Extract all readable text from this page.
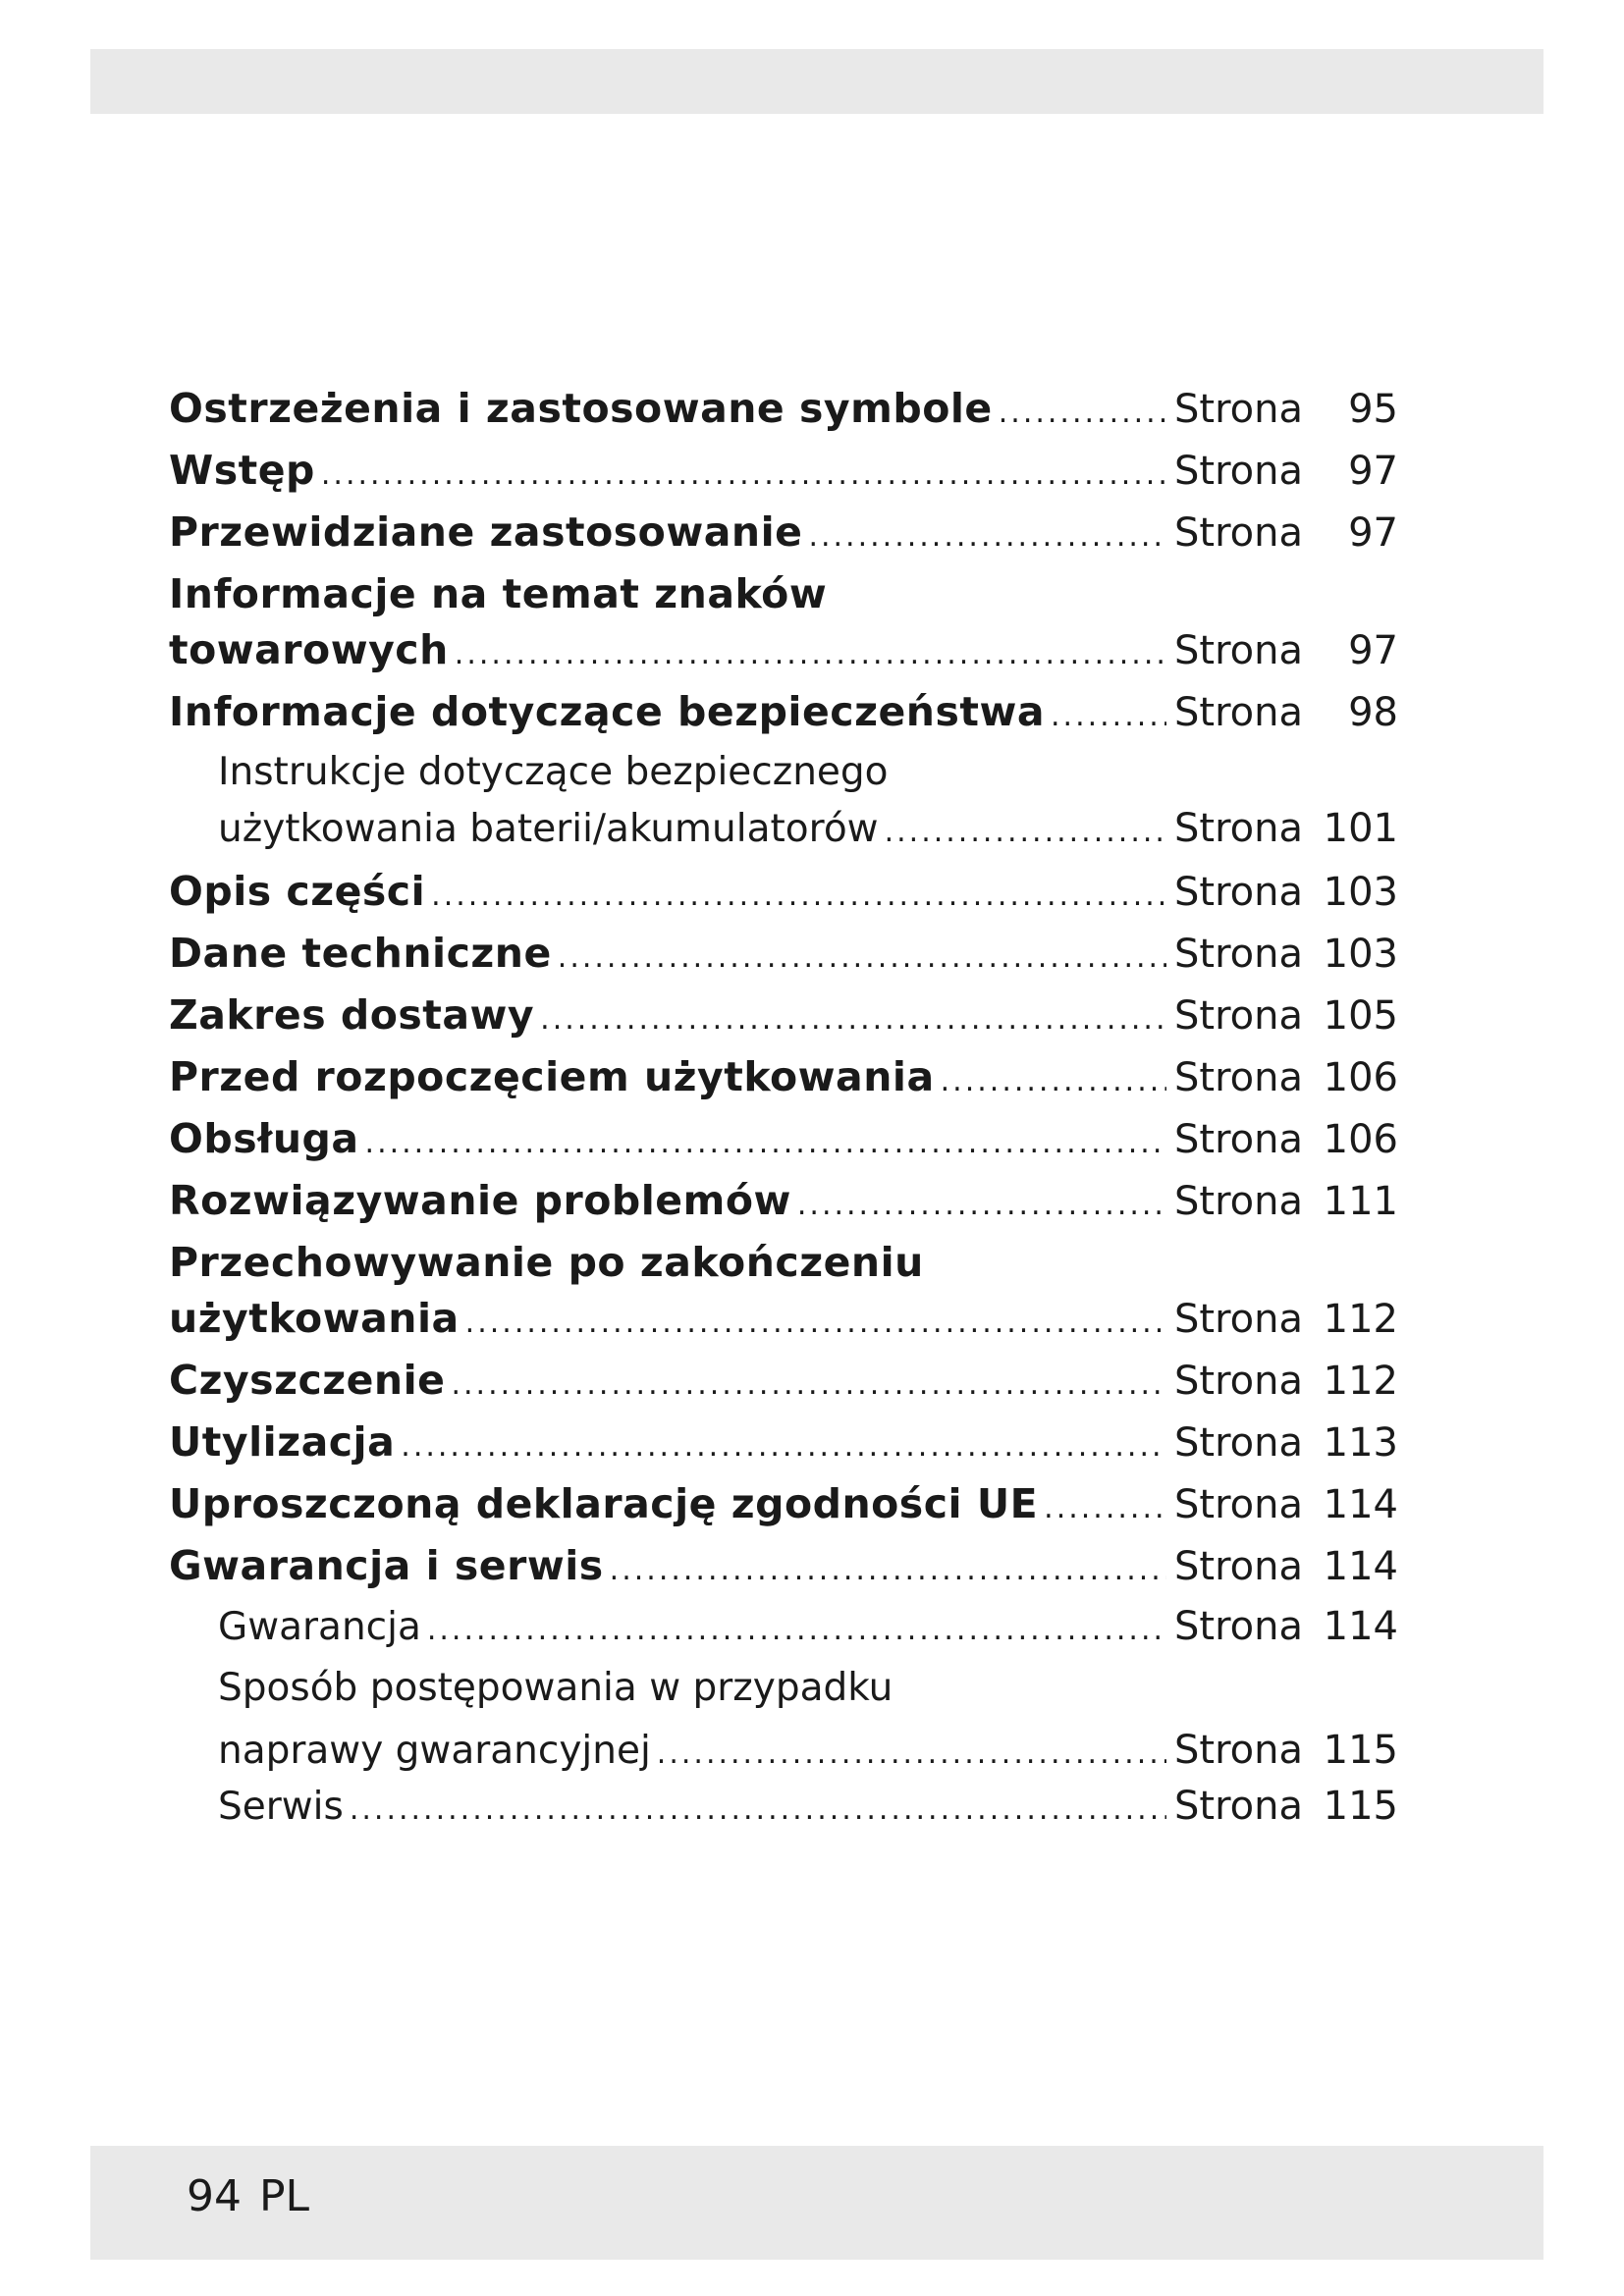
Ostrzeżenia i zastosowane symbole .....	Strona	95
Wstęp .....	Strona	97
Przewidziane zastosowanie .....	Strona	97
Informacje na temat znaków
towarowych .....	Strona	97
Informacje dotyczące bezpieczeństwa .....	Strona	98
Instrukcje dotyczące bezpiecznego
użytkowania baterii/akumulatorów .....	Strona 101
Opis części .....	Strona 103
Dane techniczne .....	Strona 103
Zakres dostawy .....	Strona 105
Przed rozpoczęciem użytkowania .....	Strona 106
Obsługa .....	Strona 106
Rozwiązywanie problemów .....	Strona 111
Przechowywanie po zakończeniu
użytkowania .....	Strona 112
Czyszczenie .....	Strona 112
Utylizacja .....	Strona 113
Uproszczoną deklarację zgodności UE .....	Strona 114
Gwarancja i serwis .....	Strona 114
Gwarancja .....	Strona 114
Sposób postępowania w przypadku
naprawy gwarancyjnej .....	Strona 115
Serwis .....	Strona 115
94 PL
